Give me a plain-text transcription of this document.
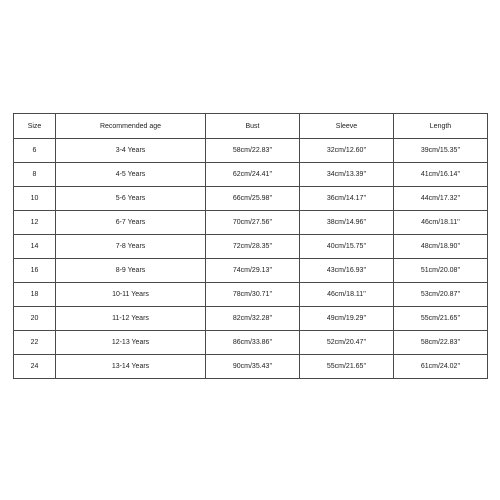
Size	Recommended age	Bust	Sleeve	Length
6	3-4 Years	58cm/22.83''	32cm/12.60''	39cm/15.35''
8	4-5 Years	62cm/24.41''	34cm/13.39''	41cm/16.14''
10	5-6 Years	66cm/25.98''	36cm/14.17''	44cm/17.32''
12	6-7 Years	70cm/27.56''	38cm/14.96''	46cm/18.11''
14	7-8 Years	72cm/28.35''	40cm/15.75''	48cm/18.90''
16	8-9 Years	74cm/29.13''	43cm/16.93''	51cm/20.08''
18	10-11 Years	78cm/30.71''	46cm/18.11''	53cm/20.87''
20	11-12 Years	82cm/32.28''	49cm/19.29''	55cm/21.65''
22	12-13 Years	86cm/33.86''	52cm/20.47''	58cm/22.83''
24	13-14 Years	90cm/35.43''	55cm/21.65''	61cm/24.02''
